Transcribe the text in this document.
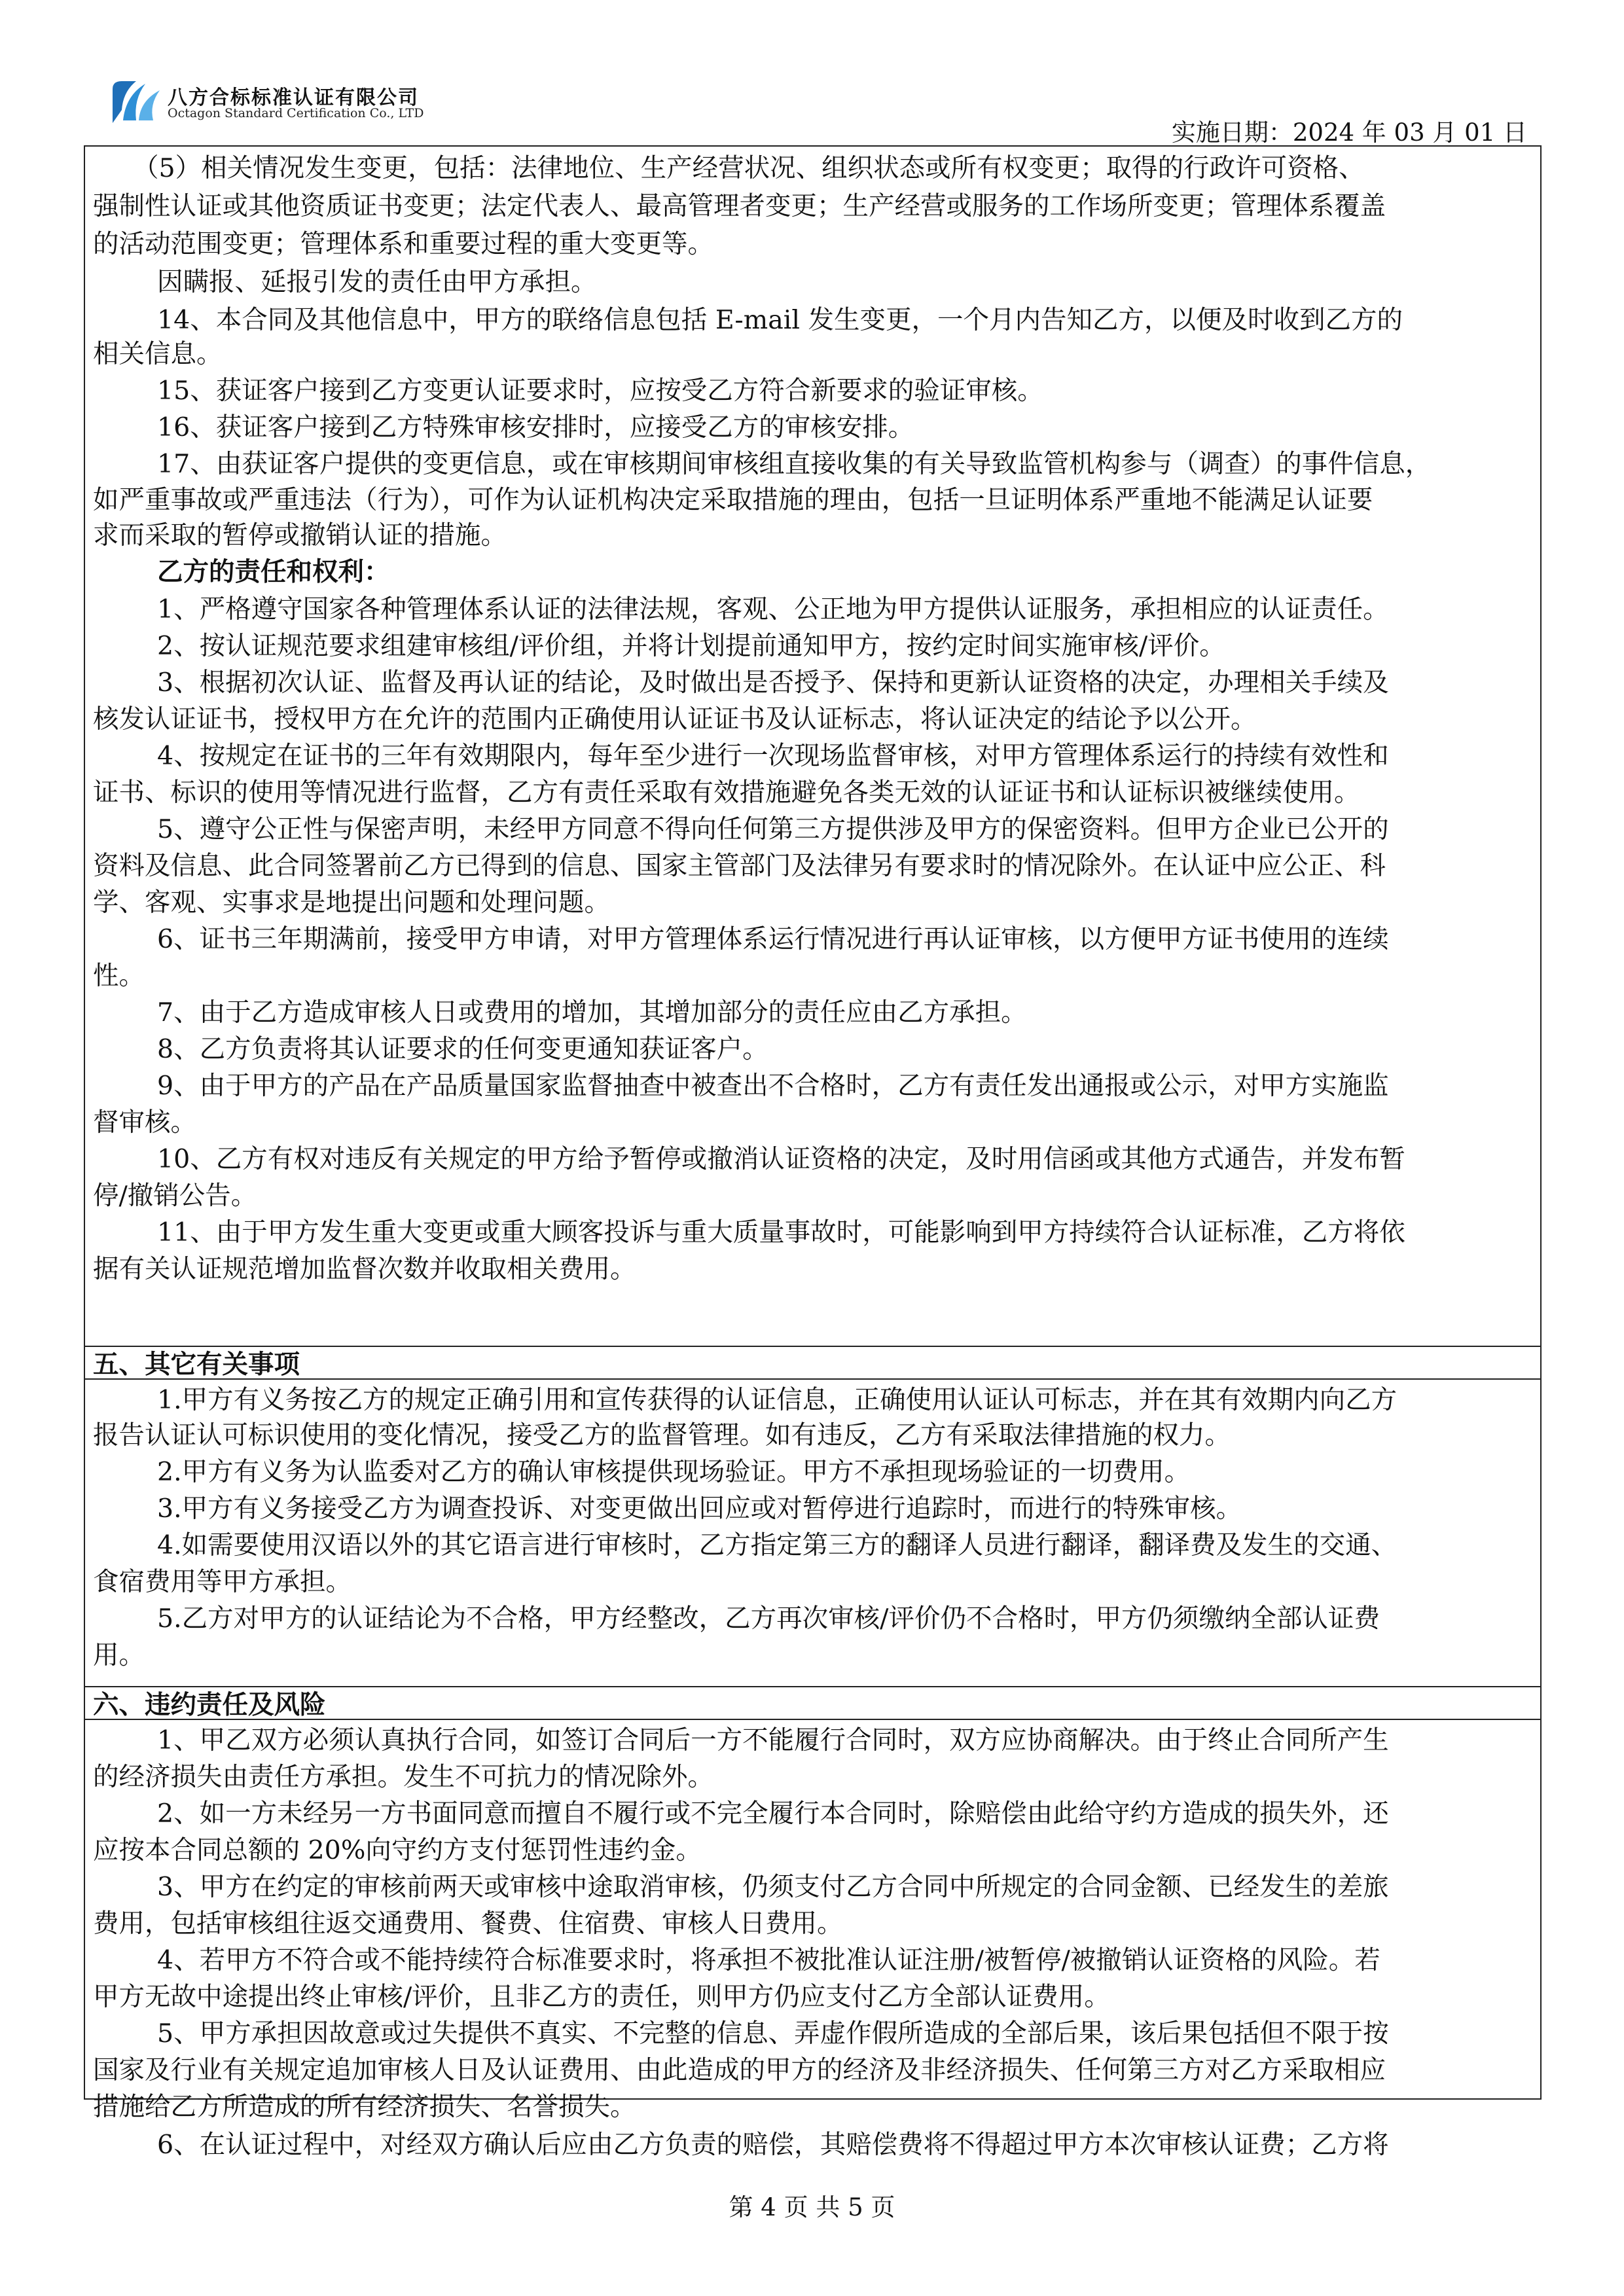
八方合标标准认证有限公司
Octagon Standard Certification Co., LTD
实施日期：2024 年 03 月 01 日
（5）相关情况发生变更，包括：法律地位、生产经营状况、组织状态或所有权变更；取得的行政许可资格、
强制性认证或其他资质证书变更；法定代表人、最高管理者变更；生产经营或服务的工作场所变更；管理体系覆盖
的活动范围变更；管理体系和重要过程的重大变更等。
因瞒报、延报引发的责任由甲方承担。
14、本合同及其他信息中，甲方的联络信息包括 E-mail 发生变更，一个月内告知乙方，以便及时收到乙方的
相关信息。
15、获证客户接到乙方变更认证要求时，应按受乙方符合新要求的验证审核。
16、获证客户接到乙方特殊审核安排时，应接受乙方的审核安排。
17、由获证客户提供的变更信息，或在审核期间审核组直接收集的有关导致监管机构参与（调查）的事件信息，
如严重事故或严重违法（行为），可作为认证机构决定采取措施的理由，包括一旦证明体系严重地不能满足认证要
求而采取的暂停或撤销认证的措施。
乙方的责任和权利：
1、严格遵守国家各种管理体系认证的法律法规，客观、公正地为甲方提供认证服务，承担相应的认证责任。
2、按认证规范要求组建审核组/评价组，并将计划提前通知甲方，按约定时间实施审核/评价。
3、根据初次认证、监督及再认证的结论，及时做出是否授予、保持和更新认证资格的决定，办理相关手续及
核发认证证书，授权甲方在允许的范围内正确使用认证证书及认证标志，将认证决定的结论予以公开。
4、按规定在证书的三年有效期限内，每年至少进行一次现场监督审核，对甲方管理体系运行的持续有效性和
证书、标识的使用等情况进行监督，乙方有责任采取有效措施避免各类无效的认证证书和认证标识被继续使用。
5、遵守公正性与保密声明，未经甲方同意不得向任何第三方提供涉及甲方的保密资料。但甲方企业已公开的
资料及信息、此合同签署前乙方已得到的信息、国家主管部门及法律另有要求时的情况除外。在认证中应公正、科
学、客观、实事求是地提出问题和处理问题。
6、证书三年期满前，接受甲方申请，对甲方管理体系运行情况进行再认证审核，以方便甲方证书使用的连续
性。
7、由于乙方造成审核人日或费用的增加，其增加部分的责任应由乙方承担。
8、乙方负责将其认证要求的任何变更通知获证客户。
9、由于甲方的产品在产品质量国家监督抽查中被查出不合格时，乙方有责任发出通报或公示，对甲方实施监
督审核。
10、乙方有权对违反有关规定的甲方给予暂停或撤消认证资格的决定，及时用信函或其他方式通告，并发布暂
停/撤销公告。
11、由于甲方发生重大变更或重大顾客投诉与重大质量事故时，可能影响到甲方持续符合认证标准，乙方将依
据有关认证规范增加监督次数并收取相关费用。
五、其它有关事项
1.甲方有义务按乙方的规定正确引用和宣传获得的认证信息，正确使用认证认可标志，并在其有效期内向乙方
报告认证认可标识使用的变化情况，接受乙方的监督管理。如有违反，乙方有采取法律措施的权力。
2.甲方有义务为认监委对乙方的确认审核提供现场验证。甲方不承担现场验证的一切费用。
3.甲方有义务接受乙方为调查投诉、对变更做出回应或对暂停进行追踪时，而进行的特殊审核。
4.如需要使用汉语以外的其它语言进行审核时，乙方指定第三方的翻译人员进行翻译，翻译费及发生的交通、
食宿费用等甲方承担。
5.乙方对甲方的认证结论为不合格，甲方经整改，乙方再次审核/评价仍不合格时，甲方仍须缴纳全部认证费
用。
六、违约责任及风险
1、甲乙双方必须认真执行合同，如签订合同后一方不能履行合同时，双方应协商解决。由于终止合同所产生
的经济损失由责任方承担。发生不可抗力的情况除外。
2、如一方未经另一方书面同意而擅自不履行或不完全履行本合同时，除赔偿由此给守约方造成的损失外，还
应按本合同总额的 20%向守约方支付惩罚性违约金。
3、甲方在约定的审核前两天或审核中途取消审核，仍须支付乙方合同中所规定的合同金额、已经发生的差旅
费用，包括审核组往返交通费用、餐费、住宿费、审核人日费用。
4、若甲方不符合或不能持续符合标准要求时，将承担不被批准认证注册/被暂停/被撤销认证资格的风险。若
甲方无故中途提出终止审核/评价，且非乙方的责任，则甲方仍应支付乙方全部认证费用。
5、甲方承担因故意或过失提供不真实、不完整的信息、弄虚作假所造成的全部后果，该后果包括但不限于按
国家及行业有关规定追加审核人日及认证费用、由此造成的甲方的经济及非经济损失、任何第三方对乙方采取相应
措施给乙方所造成的所有经济损失、名誉损失。
6、在认证过程中，对经双方确认后应由乙方负责的赔偿，其赔偿费将不得超过甲方本次审核认证费；乙方将
第 4 页 共 5 页
